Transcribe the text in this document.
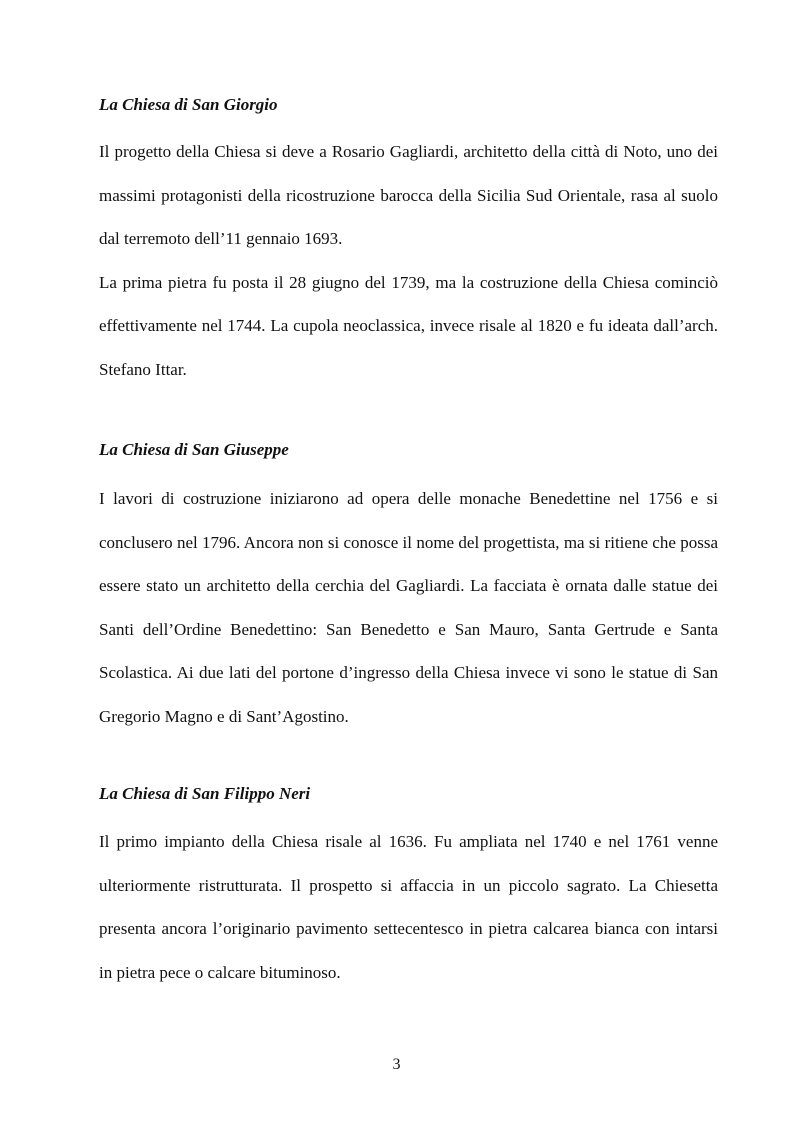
La Chiesa di San Giorgio

Il progetto della Chiesa si deve a Rosario Gagliardi, architetto della città di Noto, uno dei massimi protagonisti della ricostruzione barocca della Sicilia Sud Orientale, rasa al suolo dal terremoto dell’11 gennaio 1693.

La prima pietra fu posta il 28 giugno del 1739, ma la costruzione della Chiesa cominciò effettivamente nel 1744. La cupola neoclassica, invece risale al 1820 e fu ideata dall’arch. Stefano Ittar.

La Chiesa di San Giuseppe

I lavori di costruzione iniziarono ad opera delle monache Benedettine nel 1756 e si conclusero nel 1796. Ancora non si conosce il nome del progettista, ma si ritiene che possa essere stato un architetto della cerchia del Gagliardi. La facciata è ornata dalle statue dei Santi dell’Ordine Benedettino: San Benedetto e San Mauro, Santa Gertrude e Santa Scolastica. Ai due lati del portone d’ingresso della Chiesa invece vi sono le statue di San Gregorio Magno e di Sant’Agostino.

La Chiesa di San Filippo Neri

Il primo impianto della Chiesa risale al 1636. Fu ampliata nel 1740 e nel 1761 venne ulteriormente ristrutturata. Il prospetto si affaccia in un piccolo sagrato. La Chiesetta presenta ancora l’originario pavimento settecentesco in pietra calcarea bianca con intarsi in pietra pece o calcare bituminoso.

3
